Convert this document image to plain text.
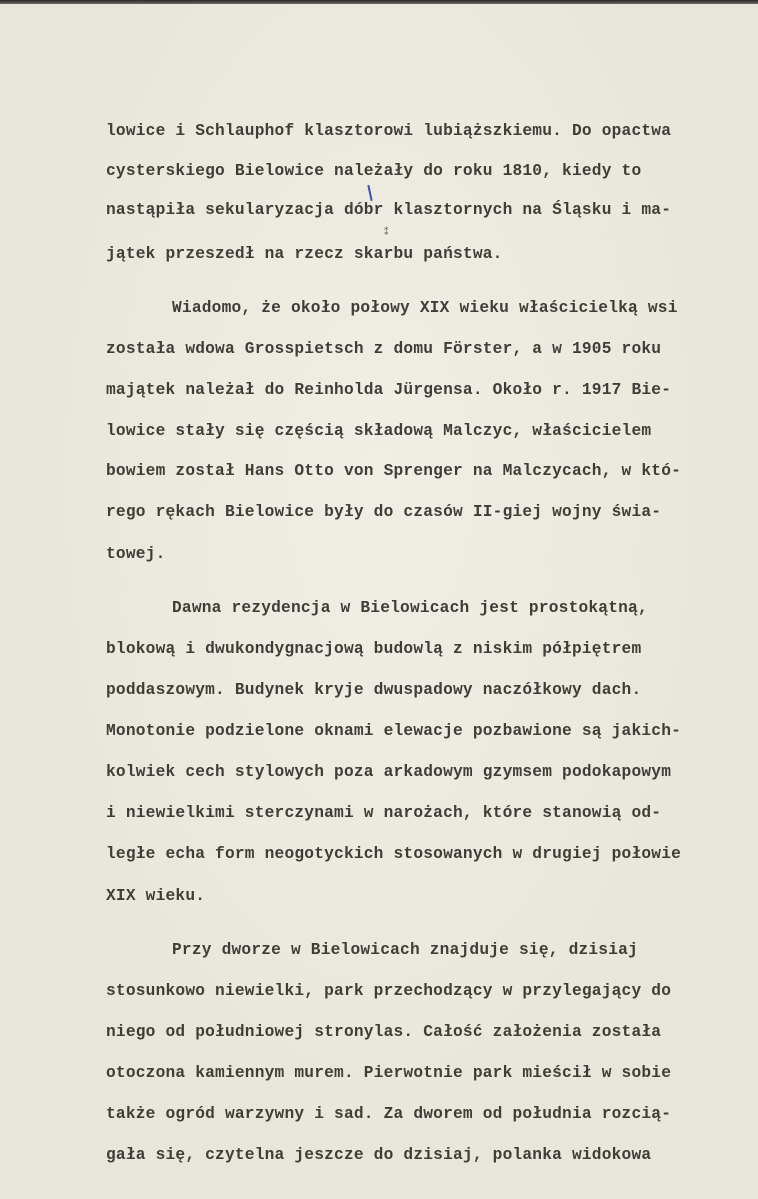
⁑
lowice i Schlauphof klasztorowi lubiąższkiemu. Do opactwa
cysterskiego Bielowice należały do roku 1810, kiedy to
nastąpiła sekularyzacja dóbr klasztornych na Śląsku i ma-
jątek przeszedł na rzecz skarbu państwa.
Wiadomo, że około połowy XIX wieku właścicielką wsi
została wdowa Grosspietsch z domu Förster, a w 1905 roku
majątek należał do Reinholda Jürgensa. Około r. 1917 Bie-
lowice stały się częścią składową Malczyc, właścicielem
bowiem został Hans Otto von Sprenger na Malczycach, w któ-
rego rękach Bielowice były do czasów II-giej wojny świa-
towej.
Dawna rezydencja w Bielowicach jest prostokątną,
blokową i dwukondygnacjową budowlą z niskim półpiętrem
poddaszowym. Budynek kryje dwuspadowy naczółkowy dach.
Monotonie podzielone oknami elewacje pozbawione są jakich-
kolwiek cech stylowych poza arkadowym gzymsem podokapowym
i niewielkimi sterczynami w narożach, które stanowią od-
ległe echa form neogotyckich stosowanych w drugiej połowie
XIX wieku.
Przy dworze w Bielowicach znajduje się, dzisiaj
stosunkowo niewielki, park przechodzący w przylegający do
niego od południowej stronylas. Całość założenia została
otoczona kamiennym murem. Pierwotnie park mieścił w sobie
także ogród warzywny i sad. Za dworem od południa rozcią-
gała się, czytelna jeszcze do dzisiaj, polanka widokowa
